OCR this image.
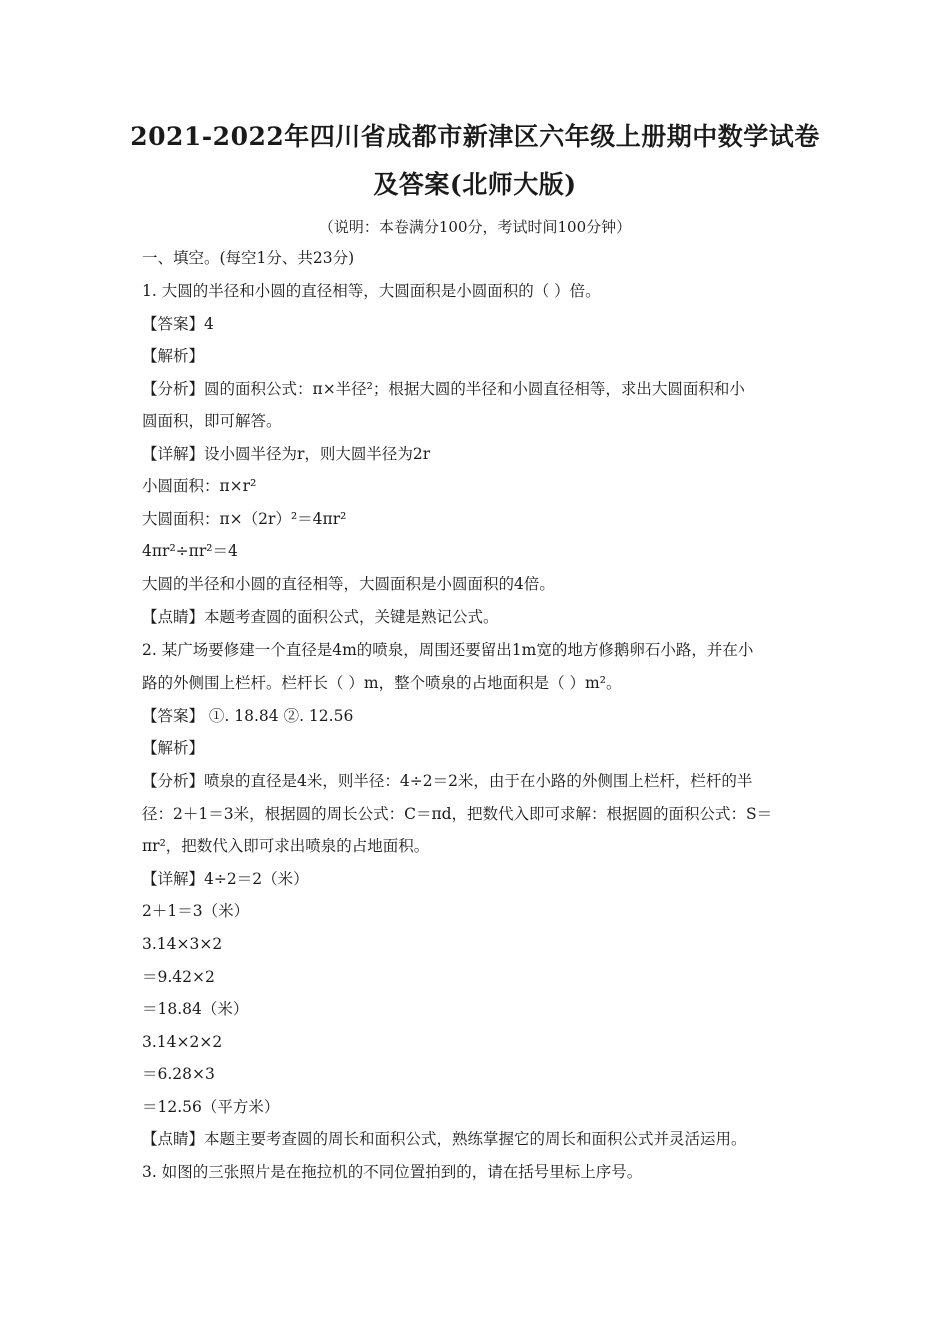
2021-2022年四川省成都市新津区六年级上册期中数学试卷
及答案(北师大版)
（说明：本卷满分100分，考试时间100分钟）
一、填空。(每空1分、共23分)
1. 大圆的半径和小圆的直径相等，大圆面积是小圆面积的（ ）倍。
【答案】4
【解析】
【分析】圆的面积公式：π×半径²；根据大圆的半径和小圆直径相等，求出大圆面积和小
圆面积，即可解答。
【详解】设小圆半径为r，则大圆半径为2r
小圆面积：π×r²
大圆面积：π×（2r）²＝4πr²
4πr²÷πr²＝4
大圆的半径和小圆的直径相等，大圆面积是小圆面积的4倍。
【点睛】本题考查圆的面积公式，关键是熟记公式。
2. 某广场要修建一个直径是4m的喷泉，周围还要留出1m宽的地方修鹅卵石小路，并在小
路的外侧围上栏杆。栏杆长（ ）m，整个喷泉的占地面积是（ ）m²。
【答案】 ①. 18.84 ②. 12.56
【解析】
【分析】喷泉的直径是4米，则半径：4÷2＝2米，由于在小路的外侧围上栏杆，栏杆的半
径：2＋1＝3米，根据圆的周长公式：C＝πd，把数代入即可求解：根据圆的面积公式：S＝
πr²，把数代入即可求出喷泉的占地面积。
【详解】4÷2＝2（米）
2＋1＝3（米）
3.14×3×2
＝9.42×2
＝18.84（米）
3.14×2×2
＝6.28×3
＝12.56（平方米）
【点睛】本题主要考查圆的周长和面积公式，熟练掌握它的周长和面积公式并灵活运用。
3. 如图的三张照片是在拖拉机的不同位置拍到的，请在括号里标上序号。
